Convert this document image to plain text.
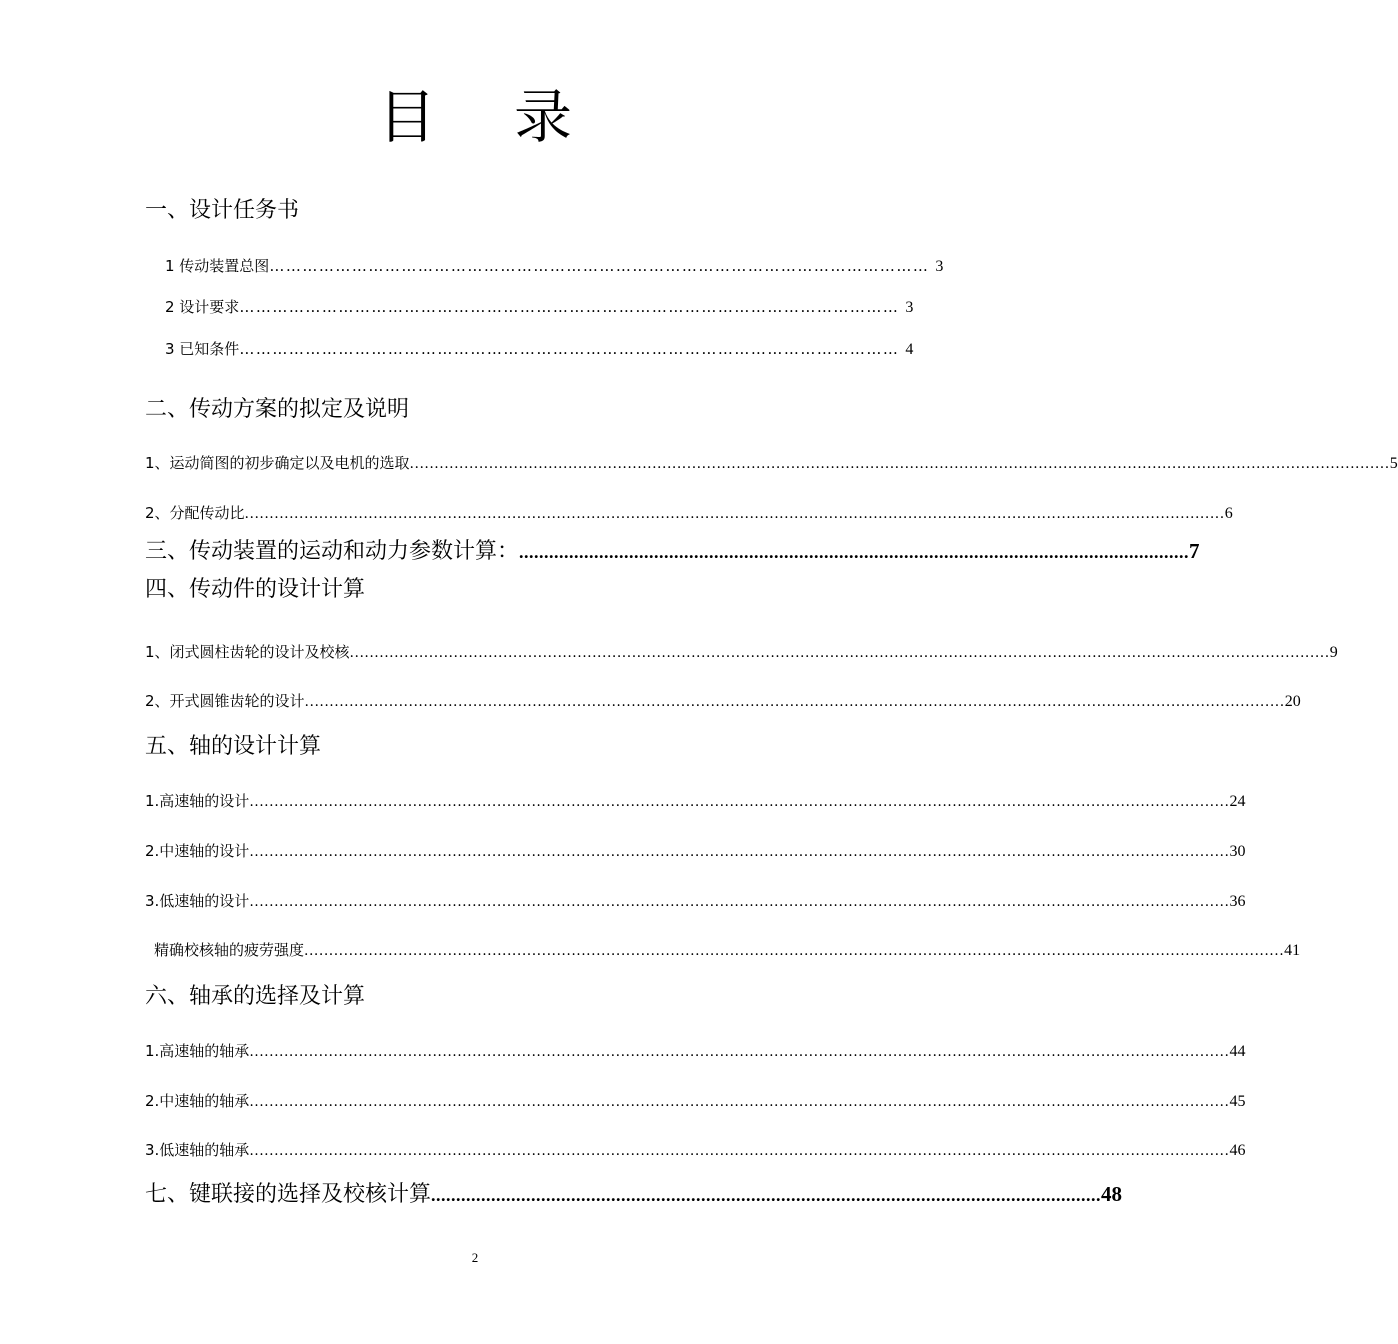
目 录
一、设计任务书
1 传动装置总图 ………………………………………………………………………………………………………… 3
2 设计要求 ………………………………………………………………………………………………………… 3
3 已知条件 ………………………………………………………………………………………………………… 4
二、传动方案的拟定及说明
1、运动简图的初步确定以及电机的选取 ...................................................................................................................................................................................................... 5
2、分配传动比 ...................................................................................................................................................................................................... 6
三、传动装置的运动和动力参数计算： ...................................................................................................................................... 7
四、传动件的设计计算
1、闭式圆柱齿轮的设计及校核 ...................................................................................................................................................................................................... 9
2、开式圆锥齿轮的设计 ...................................................................................................................................................................................................... 20
五、轴的设计计算
1.高速轴的设计 ...................................................................................................................................................................................................... 24
2.中速轴的设计 ...................................................................................................................................................................................................... 30
3.低速轴的设计 ...................................................................................................................................................................................................... 36
精确校核轴的疲劳强度 ...................................................................................................................................................................................................... 41
六、轴承的选择及计算
1.高速轴的轴承 ...................................................................................................................................................................................................... 44
2.中速轴的轴承 ...................................................................................................................................................................................................... 45
3.低速轴的轴承 ...................................................................................................................................................................................................... 46
七、键联接的选择及校核计算 ...................................................................................................................................... 48
2
